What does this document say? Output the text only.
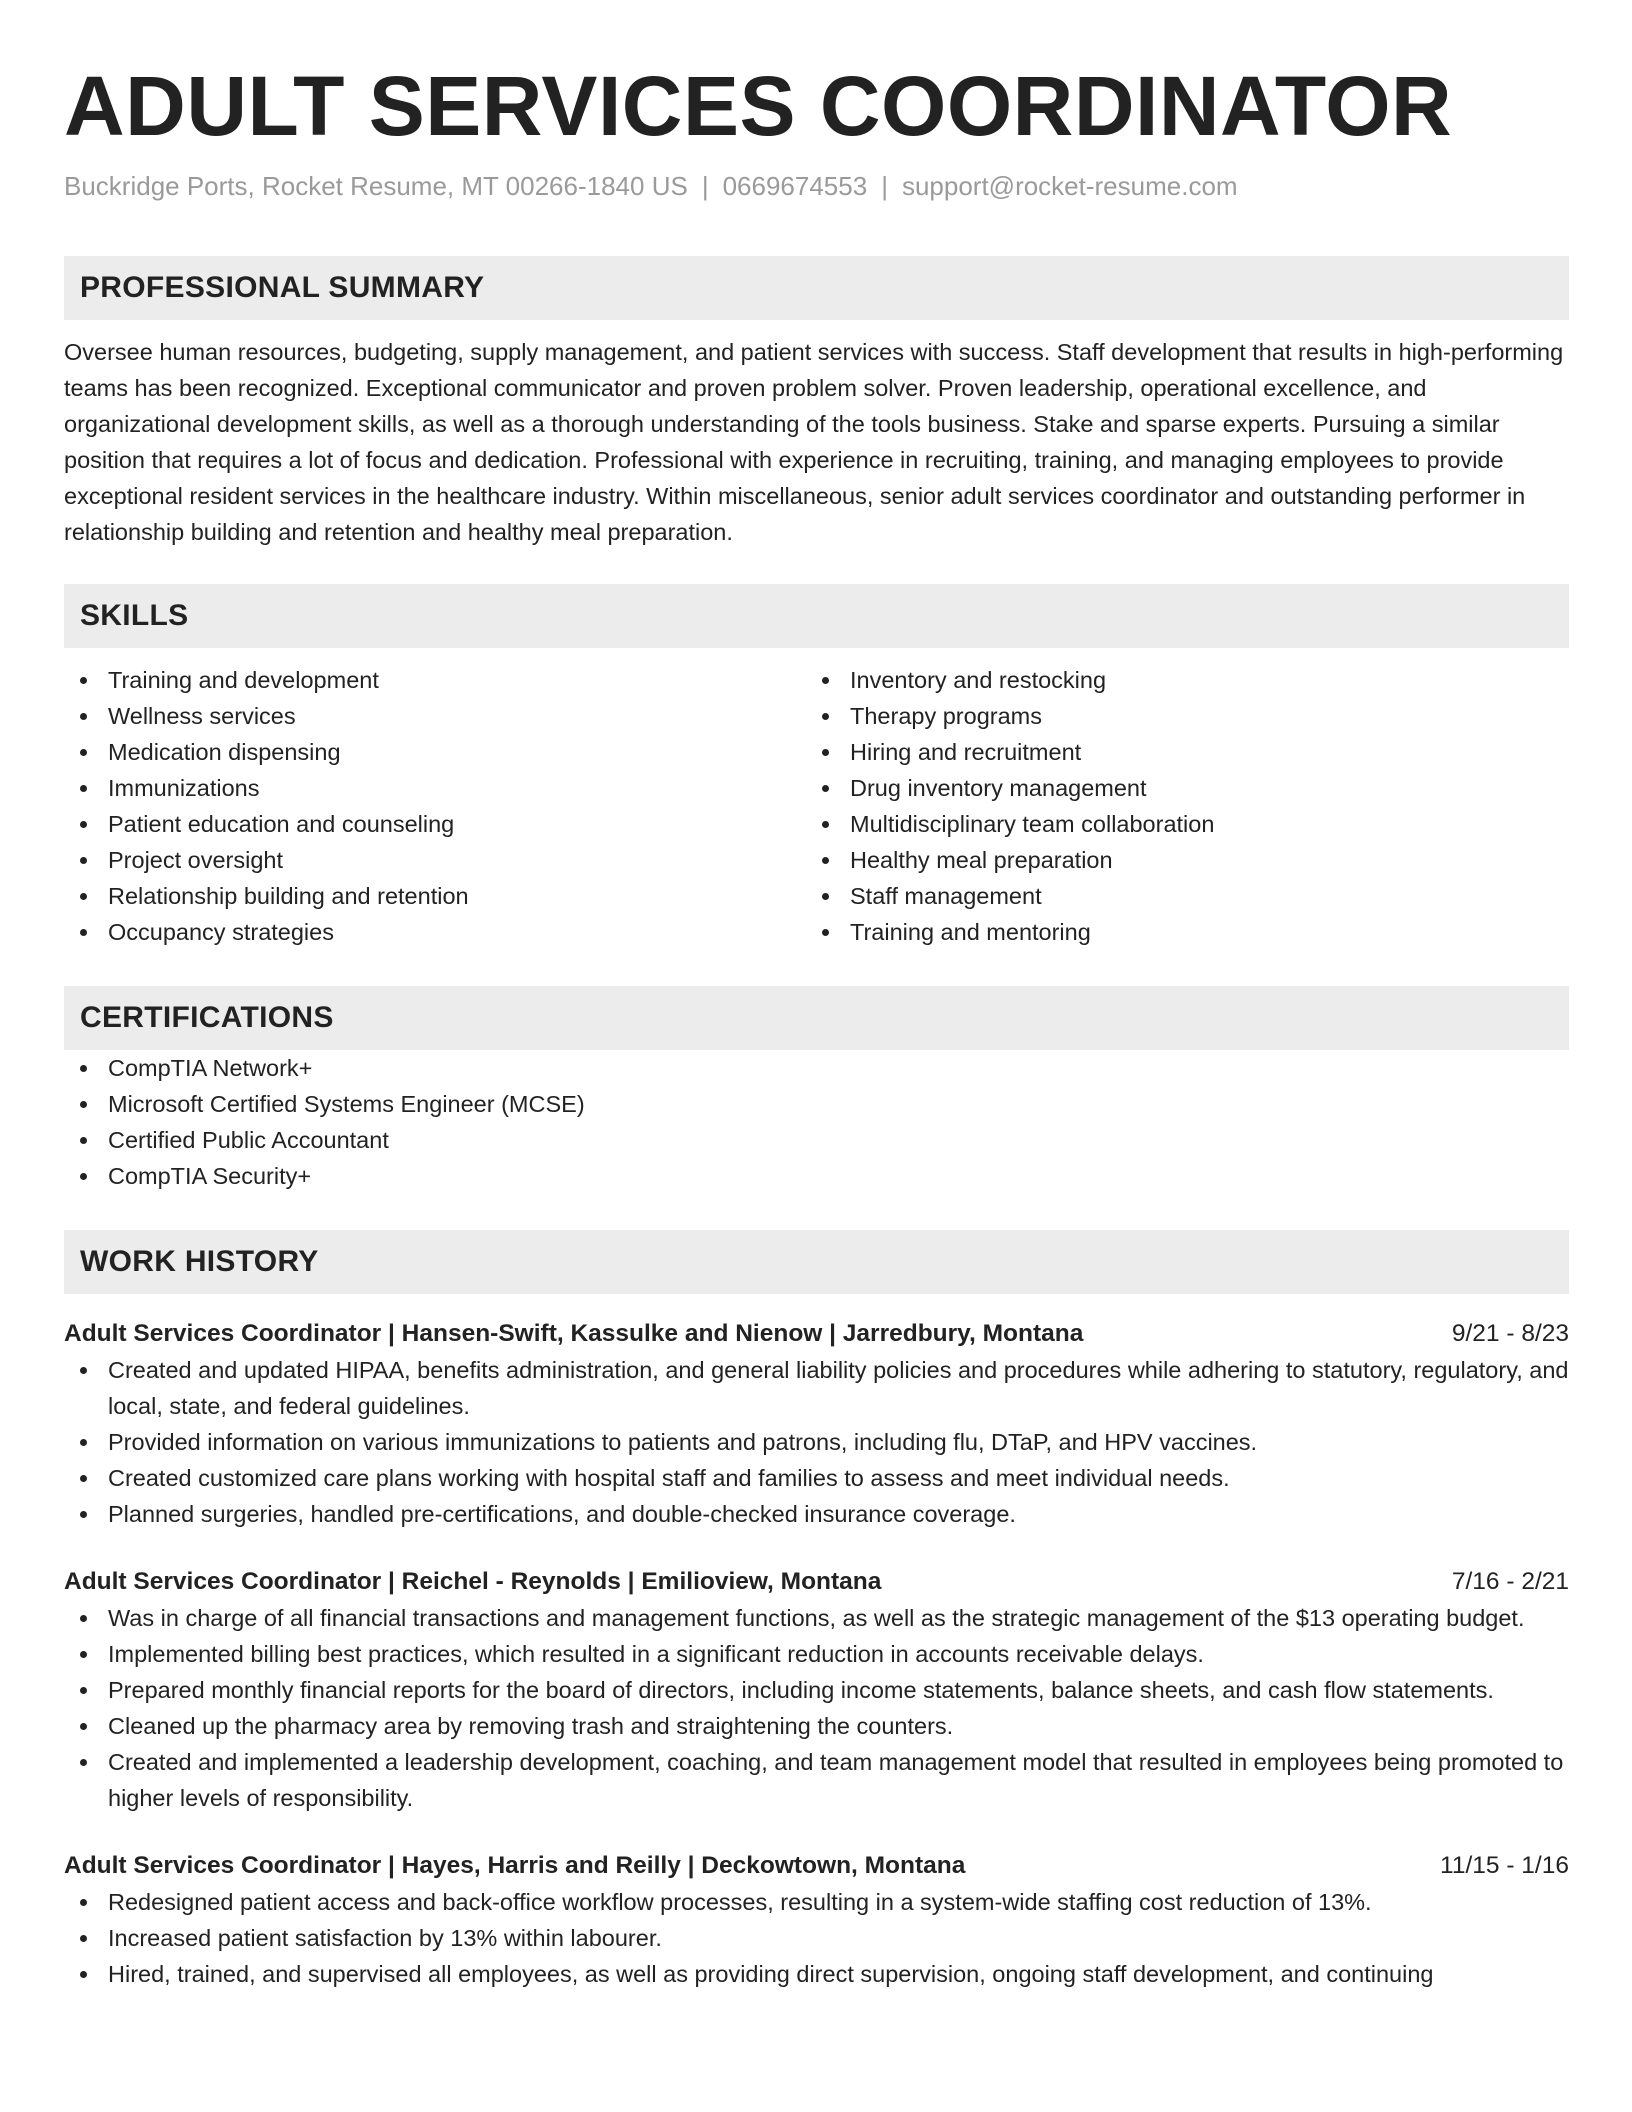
ADULT SERVICES COORDINATOR
Buckridge Ports, Rocket Resume, MT 00266-1840 US | 0669674553 | support@rocket-resume.com
PROFESSIONAL SUMMARY
Oversee human resources, budgeting, supply management, and patient services with success. Staff development that results in high-performing teams has been recognized. Exceptional communicator and proven problem solver. Proven leadership, operational excellence, and organizational development skills, as well as a thorough understanding of the tools business. Stake and sparse experts. Pursuing a similar position that requires a lot of focus and dedication. Professional with experience in recruiting, training, and managing employees to provide exceptional resident services in the healthcare industry. Within miscellaneous, senior adult services coordinator and outstanding performer in relationship building and retention and healthy meal preparation.
SKILLS
Training and development
Wellness services
Medication dispensing
Immunizations
Patient education and counseling
Project oversight
Relationship building and retention
Occupancy strategies
Inventory and restocking
Therapy programs
Hiring and recruitment
Drug inventory management
Multidisciplinary team collaboration
Healthy meal preparation
Staff management
Training and mentoring
CERTIFICATIONS
CompTIA Network+
Microsoft Certified Systems Engineer (MCSE)
Certified Public Accountant
CompTIA Security+
WORK HISTORY
Adult Services Coordinator | Hansen-Swift, Kassulke and Nienow | Jarredbury, Montana	9/21 - 8/23
Created and updated HIPAA, benefits administration, and general liability policies and procedures while adhering to statutory, regulatory, and local, state, and federal guidelines.
Provided information on various immunizations to patients and patrons, including flu, DTaP, and HPV vaccines.
Created customized care plans working with hospital staff and families to assess and meet individual needs.
Planned surgeries, handled pre-certifications, and double-checked insurance coverage.
Adult Services Coordinator | Reichel - Reynolds | Emilioview, Montana	7/16 - 2/21
Was in charge of all financial transactions and management functions, as well as the strategic management of the $13 operating budget.
Implemented billing best practices, which resulted in a significant reduction in accounts receivable delays.
Prepared monthly financial reports for the board of directors, including income statements, balance sheets, and cash flow statements.
Cleaned up the pharmacy area by removing trash and straightening the counters.
Created and implemented a leadership development, coaching, and team management model that resulted in employees being promoted to higher levels of responsibility.
Adult Services Coordinator | Hayes, Harris and Reilly | Deckowtown, Montana	11/15 - 1/16
Redesigned patient access and back-office workflow processes, resulting in a system-wide staffing cost reduction of 13%.
Increased patient satisfaction by 13% within labourer.
Hired, trained, and supervised all employees, as well as providing direct supervision, ongoing staff development, and continuing
